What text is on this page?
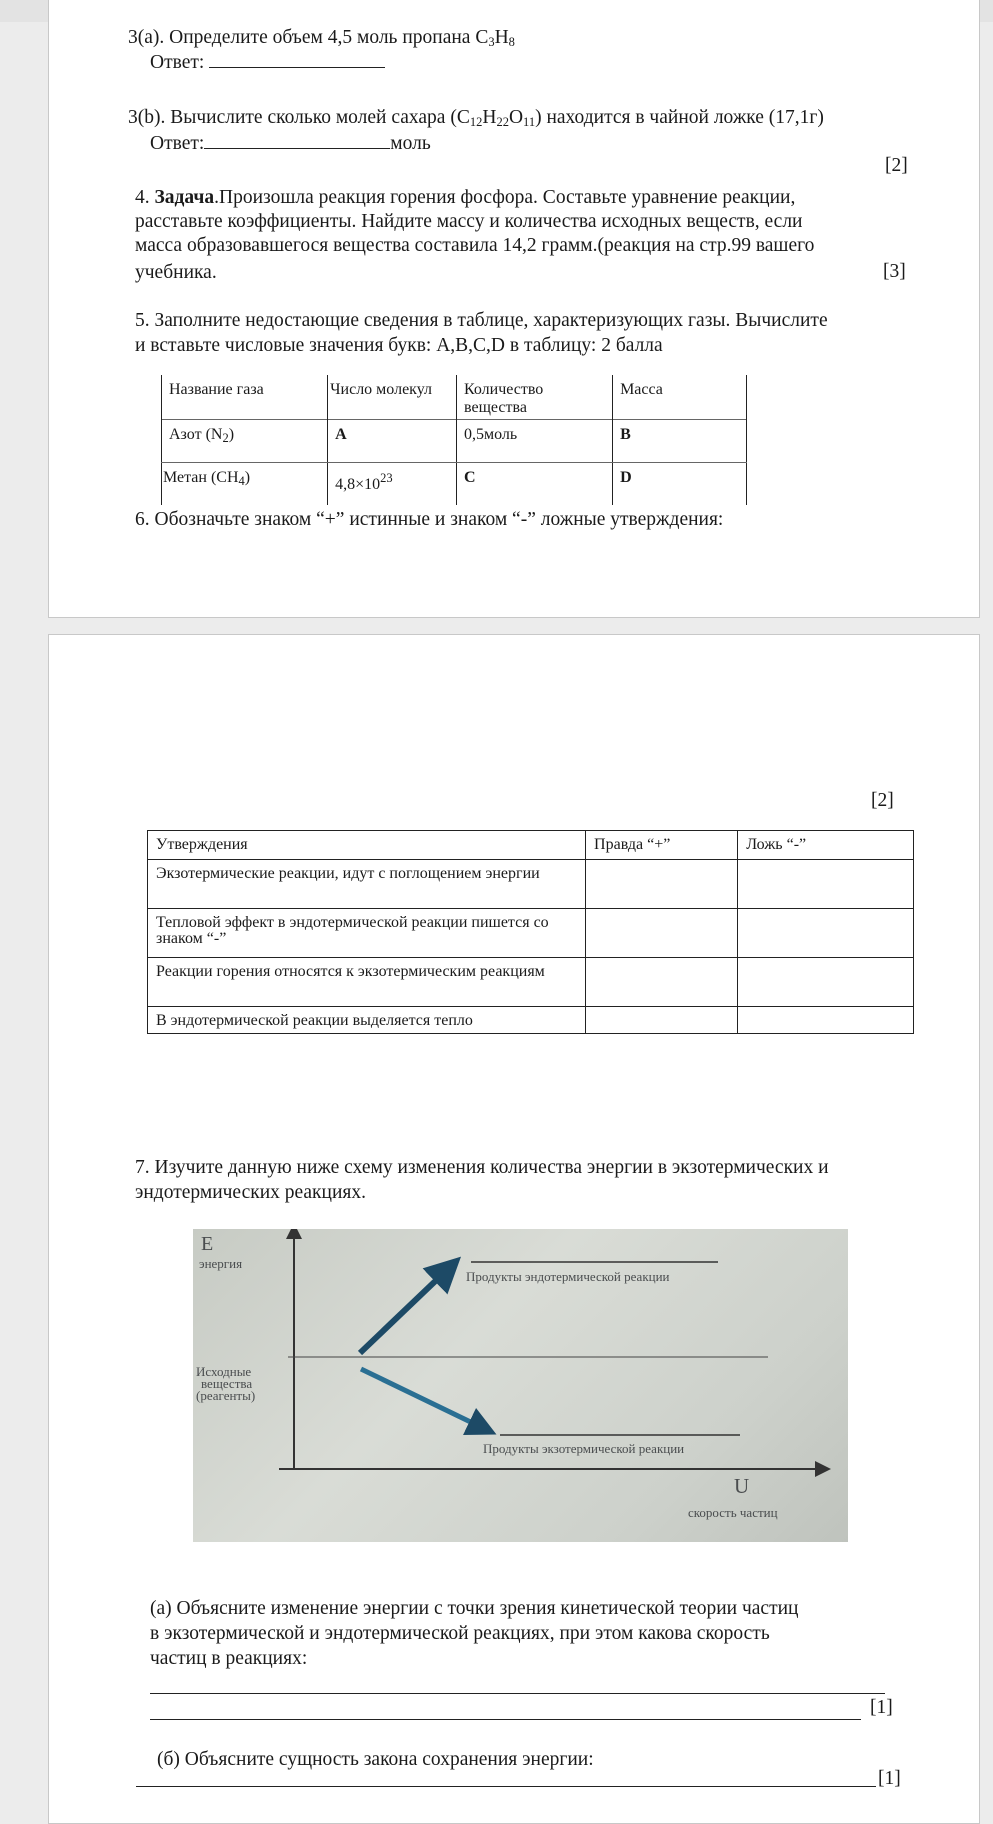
3(a). Определите объем 4,5 моль пропана $C_3H_8$
Ответ:
3(b). Вычислите сколько молей сахара $(C_{12}H_{22}O_{11})$ находится в чайной ложке (17,1г)
Ответ:	моль
[2]
4. Задача.Произошла реакция горения фосфора. Составьте уравнение реакции,
расставьте коэффициенты. Найдите массу и количества исходных веществ, если
масса образовавшегося вещества составила 14,2 грамм.(реакция на стр.99 вашего
учебника.	[3]
5. Заполните недостающие сведения в таблице, характеризующих газы. Вычислите
и вставьте числовые значения букв: A,B,C,D в таблицу: 2 балла
Название газа	Число молекул	Количество вещества	Масса
Азот $(N_2)$	A	0,5моль	B
Метан $(CH_4)$	$4,8\times 10^{23}$	C	D
6. Обозначьте знаком “+” истинные и знаком “-” ложные утверждения:
[2]
Утверждения	Правда “+”	Ложь “-”
Экзотермические реакции, идут с поглощением энергии		
Тепловой эффект в эндотермической реакции пишется со знаком “-”		
Реакции горения относятся к экзотермическим реакциям		
В эндотермической реакции выделяется тепло		
7. Изучите данную ниже схему изменения количества энергии в экзотермических и
эндотермических реакциях.
E
энергия
Продукты эндотермической реакции
Исходные
вещества
(реагенты)
Продукты экзотермической реакции
U
скорость частиц
(a) Объясните изменение энергии с точки зрения кинетической теории частиц
в экзотермической и эндотермической реакциях, при этом какова скорость
частиц в реакциях:
[1]
(б) Объясните сущность закона сохранения энергии:
[1]
